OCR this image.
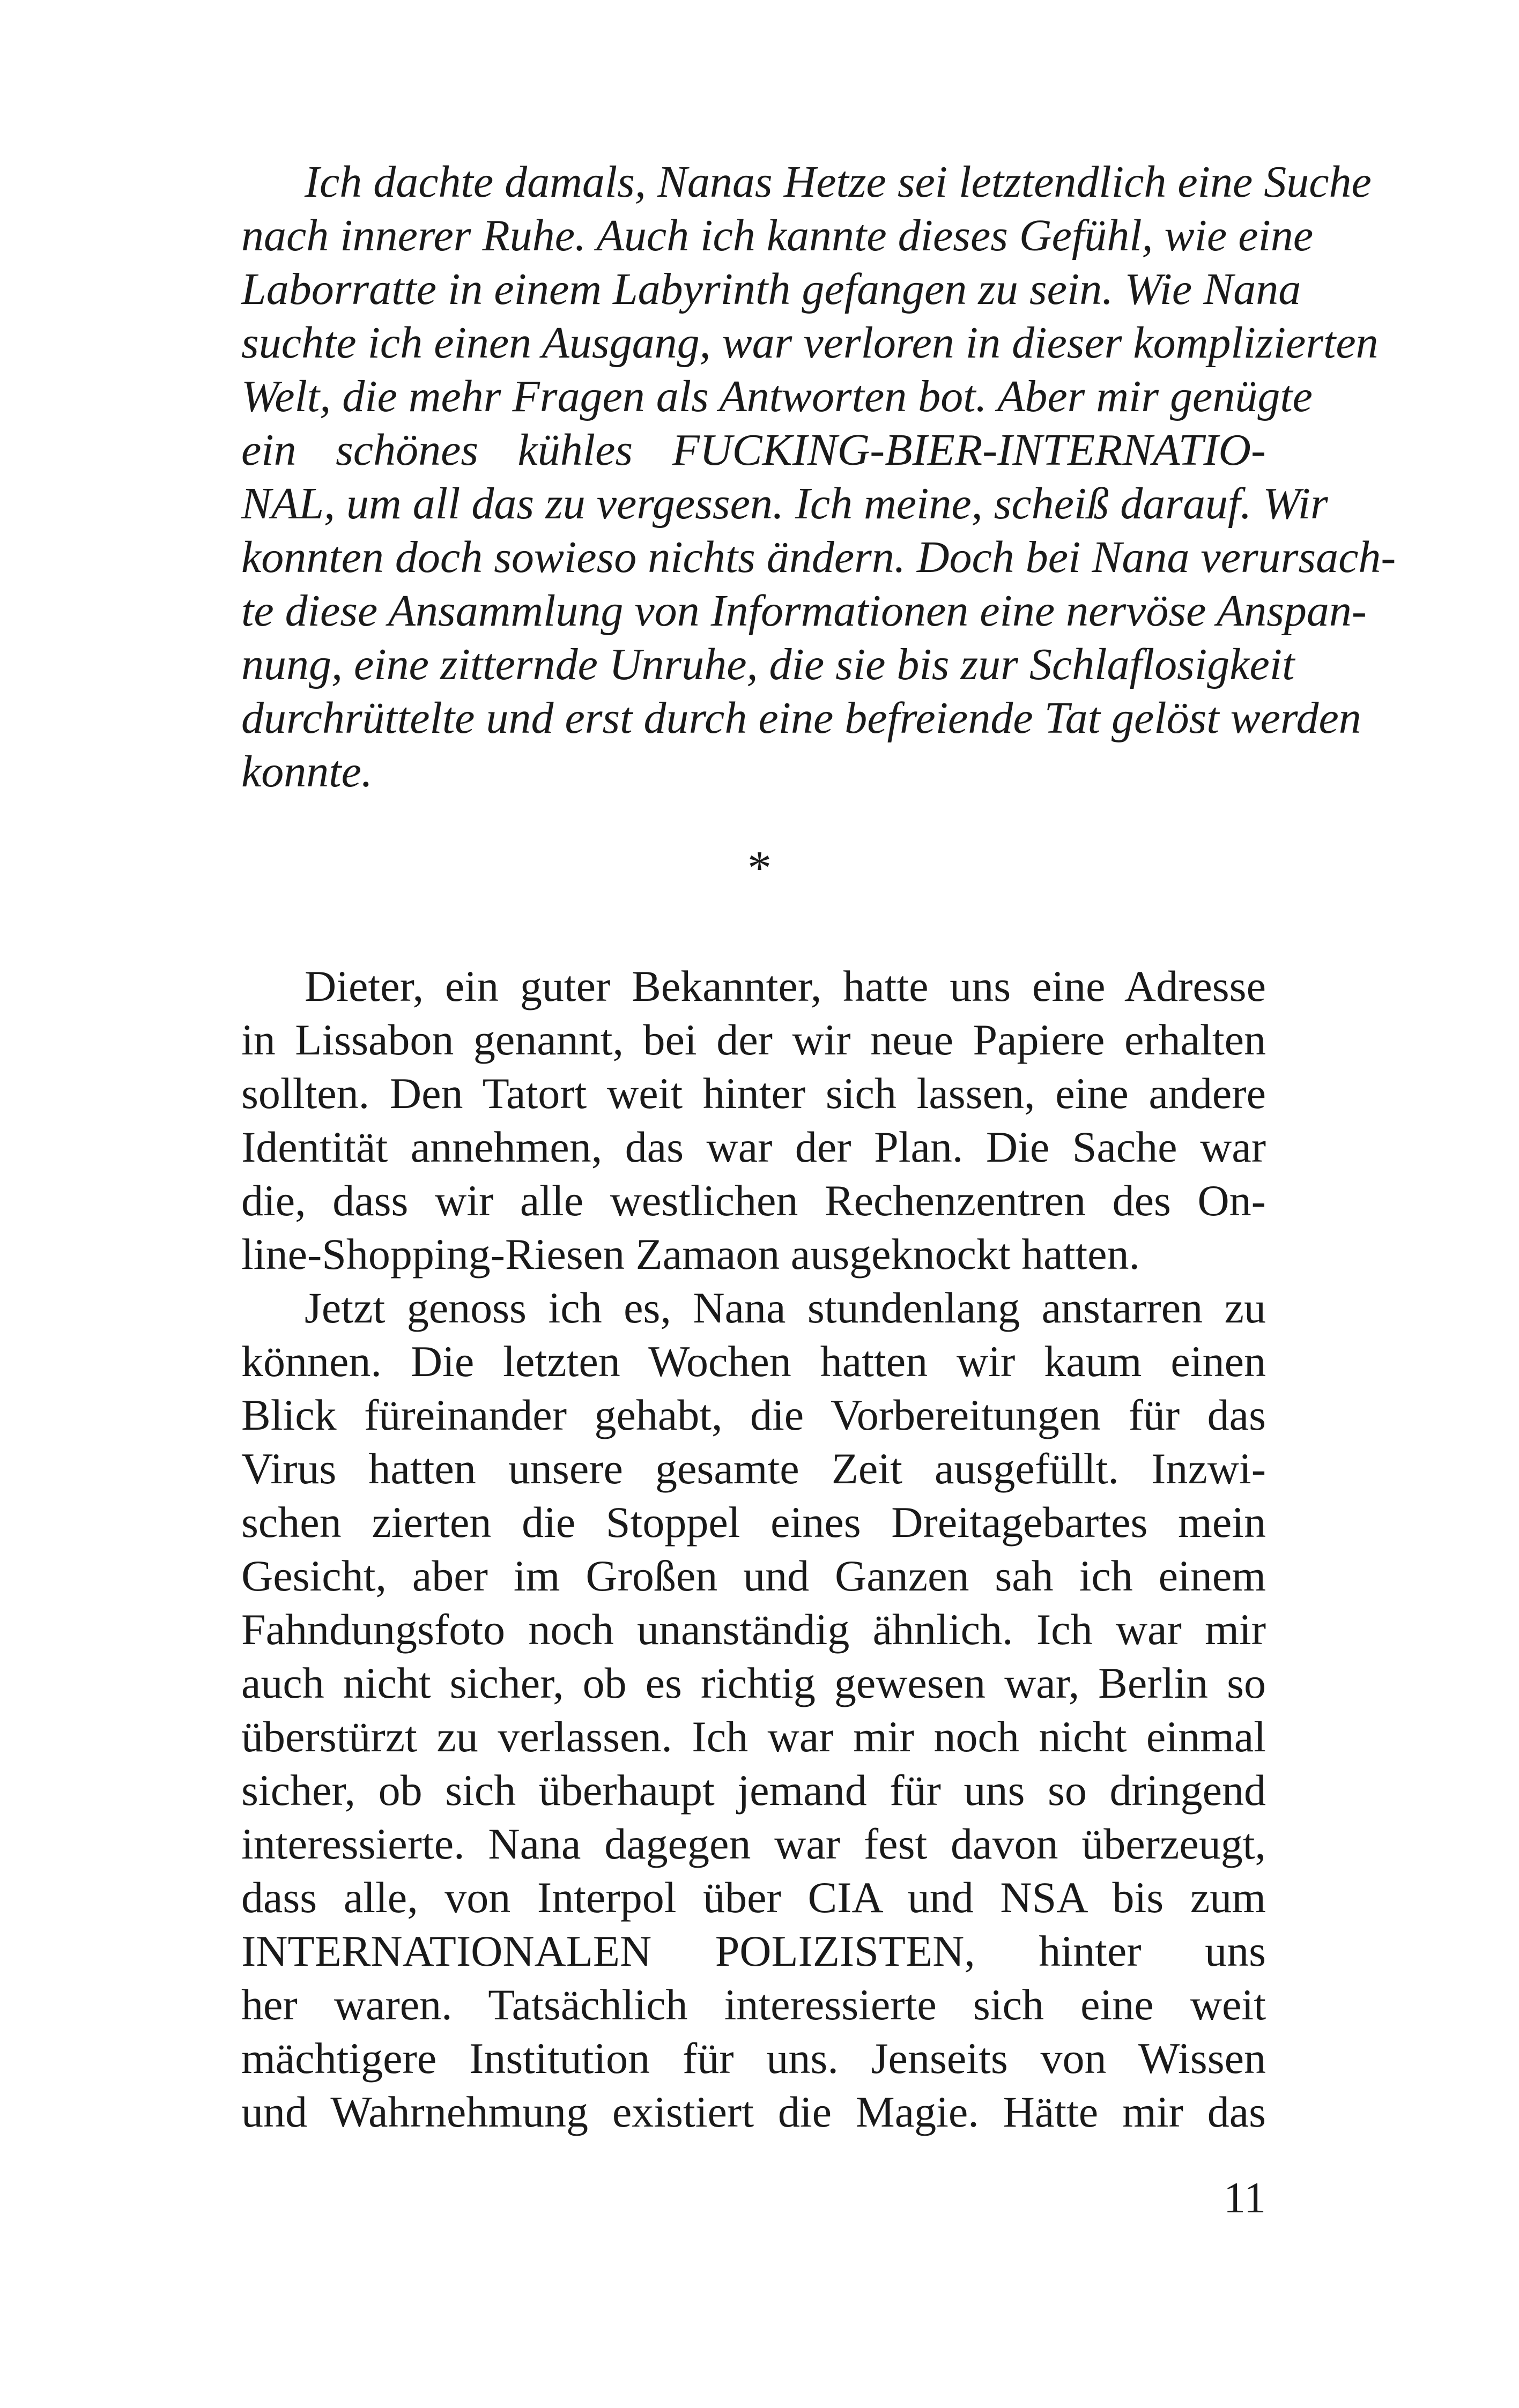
Ich dachte damals, Nanas Hetze sei letztendlich eine Suche
nach innerer Ruhe. Auch ich kannte dieses Gefühl, wie eine
Laborratte in einem Labyrinth gefangen zu sein. Wie Nana
suchte ich einen Ausgang, war verloren in dieser komplizierten
Welt, die mehr Fragen als Antworten bot. Aber mir genügte
ein schönes kühles FUCKING-BIER-INTERNATIO-
NAL, um all das zu vergessen. Ich meine, scheiß darauf. Wir
konnten doch sowieso nichts ändern. Doch bei Nana verursach-
te diese Ansammlung von Informationen eine nervöse Anspan-
nung, eine zitternde Unruhe, die sie bis zur Schlaflosigkeit
durchrüttelte und erst durch eine befreiende Tat gelöst werden
konnte.
*
Dieter, ein guter Bekannter, hatte uns eine Adresse
in Lissabon genannt, bei der wir neue Papiere erhalten
sollten. Den Tatort weit hinter sich lassen, eine andere
Identität annehmen, das war der Plan. Die Sache war
die, dass wir alle westlichen Rechenzentren des On-
line-Shopping-Riesen Zamaon ausgeknockt hatten.
Jetzt genoss ich es, Nana stundenlang anstarren zu
können. Die letzten Wochen hatten wir kaum einen
Blick füreinander gehabt, die Vorbereitungen für das
Virus hatten unsere gesamte Zeit ausgefüllt. Inzwi-
schen zierten die Stoppel eines Dreitagebartes mein
Gesicht, aber im Großen und Ganzen sah ich einem
Fahndungsfoto noch unanständig ähnlich. Ich war mir
auch nicht sicher, ob es richtig gewesen war, Berlin so
überstürzt zu verlassen. Ich war mir noch nicht einmal
sicher, ob sich überhaupt jemand für uns so dringend
interessierte. Nana dagegen war fest davon überzeugt,
dass alle, von Interpol über CIA und NSA bis zum
INTERNATIONALEN POLIZISTEN, hinter uns
her waren. Tatsächlich interessierte sich eine weit
mächtigere Institution für uns. Jenseits von Wissen
und Wahrnehmung existiert die Magie. Hätte mir das
11
